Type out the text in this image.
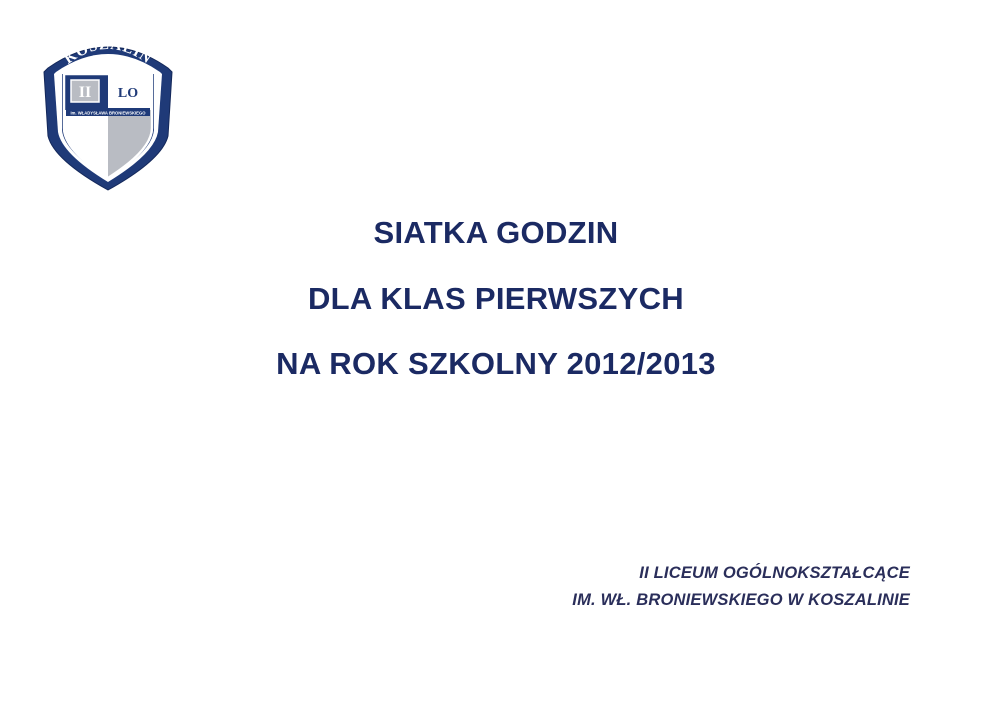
KOSZALIN
II LO
im. WŁADYSŁAWA BRONIEWSKIEGO
SIATKA GODZIN
DLA KLAS PIERWSZYCH
NA ROK SZKOLNY 2012/2013
II LICEUM OGÓLNOKSZTAŁCĄCE
IM. WŁ. BRONIEWSKIEGO W KOSZALINIE
